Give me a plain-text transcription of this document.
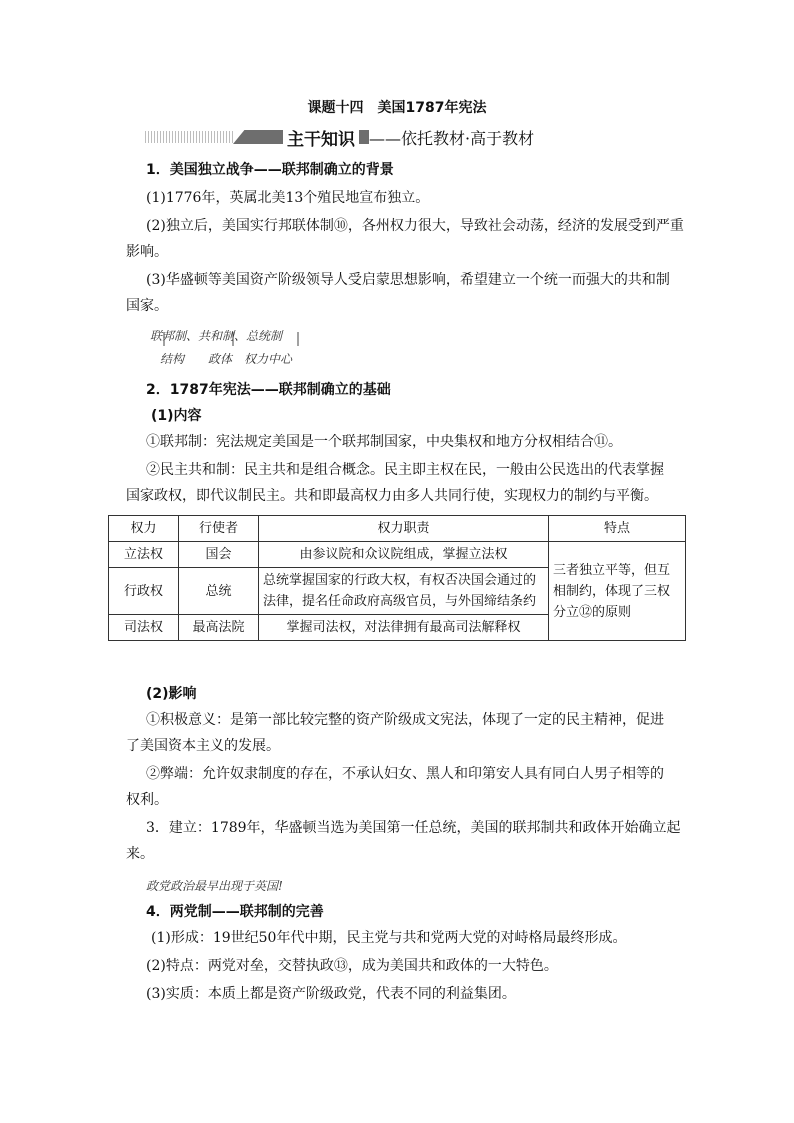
课题十四　美国1787年宪法
主干知识 ——依托教材·高于教材
1．美国独立战争——联邦制确立的背景
(1)1776年，英属北美13个殖民地宣布独立。
(2)独立后，美国实行邦联体制⑩，各州权力很大，导致社会动荡，经济的发展受到严重
影响。
(3)华盛顿等美国资产阶级领导人受启蒙思想影响，希望建立一个统一而强大的共和制
国家。
联邦制、共和制、总统制
结构　　政体　权力中心
2．1787年宪法——联邦制确立的基础
(1)内容
①联邦制：宪法规定美国是一个联邦制国家，中央集权和地方分权相结合⑪。
②民主共和制：民主共和是组合概念。民主即主权在民，一般由公民选出的代表掌握
国家政权，即代议制民主。共和即最高权力由多人共同行使，实现权力的制约与平衡。
权力	行使者	权力职责	特点
立法权	国会	由参议院和众议院组成，掌握立法权	三者独立平等，但互相制约，体现了三权分立⑫的原则
行政权	总统	总统掌握国家的行政大权，有权否决国会通过的法律，提名任命政府高级官员，与外国缔结条约	
司法权	最高法院	掌握司法权，对法律拥有最高司法解释权	
(2)影响
①积极意义：是第一部比较完整的资产阶级成文宪法，体现了一定的民主精神，促进
了美国资本主义的发展。
②弊端：允许奴隶制度的存在，不承认妇女、黑人和印第安人具有同白人男子相等的
权利。
3．建立：1789年，华盛顿当选为美国第一任总统，美国的联邦制共和政体开始确立起
来。
政党政治最早出现于英国!
4．两党制——联邦制的完善
(1)形成：19世纪50年代中期，民主党与共和党两大党的对峙格局最终形成。
(2)特点：两党对垒，交替执政⑬，成为美国共和政体的一大特色。
(3)实质：本质上都是资产阶级政党，代表不同的利益集团。
